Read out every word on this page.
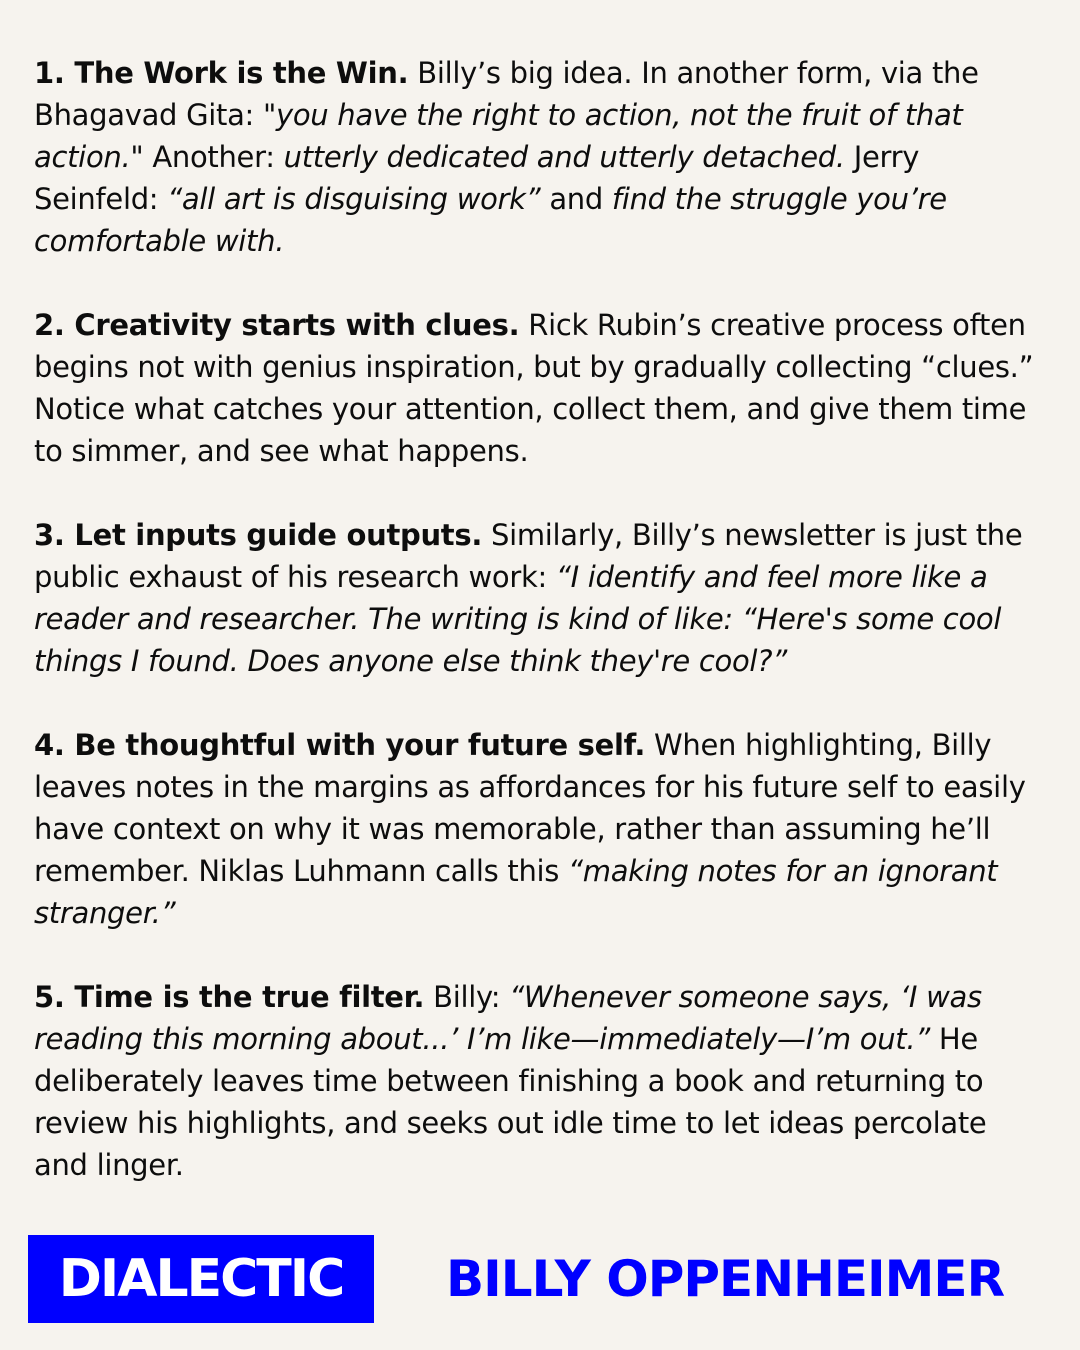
1. The Work is the Win. Billy’s big idea. In another form, via the Bhagavad Gita: "you have the right to action, not the fruit of that action." Another: utterly dedicated and utterly detached. Jerry Seinfeld: “all art is disguising work” and find the struggle you’re comfortable with.

2. Creativity starts with clues. Rick Rubin’s creative process often begins not with genius inspiration, but by gradually collecting “clues.” Notice what catches your attention, collect them, and give them time to simmer, and see what happens.

3. Let inputs guide outputs. Similarly, Billy’s newsletter is just the public exhaust of his research work: “I identify and feel more like a reader and researcher. The writing is kind of like: “Here's some cool things I found. Does anyone else think they're cool?”

4. Be thoughtful with your future self. When highlighting, Billy leaves notes in the margins as affordances for his future self to easily have context on why it was memorable, rather than assuming he’ll remember. Niklas Luhmann calls this “making notes for an ignorant stranger.”

5. Time is the true filter. Billy: “Whenever someone says, ‘I was reading this morning about...’ I’m like—immediately—I’m out.” He deliberately leaves time between finishing a book and returning to review his highlights, and seeks out idle time to let ideas percolate and linger.

DIALECTIC	BILLY OPPENHEIMER
